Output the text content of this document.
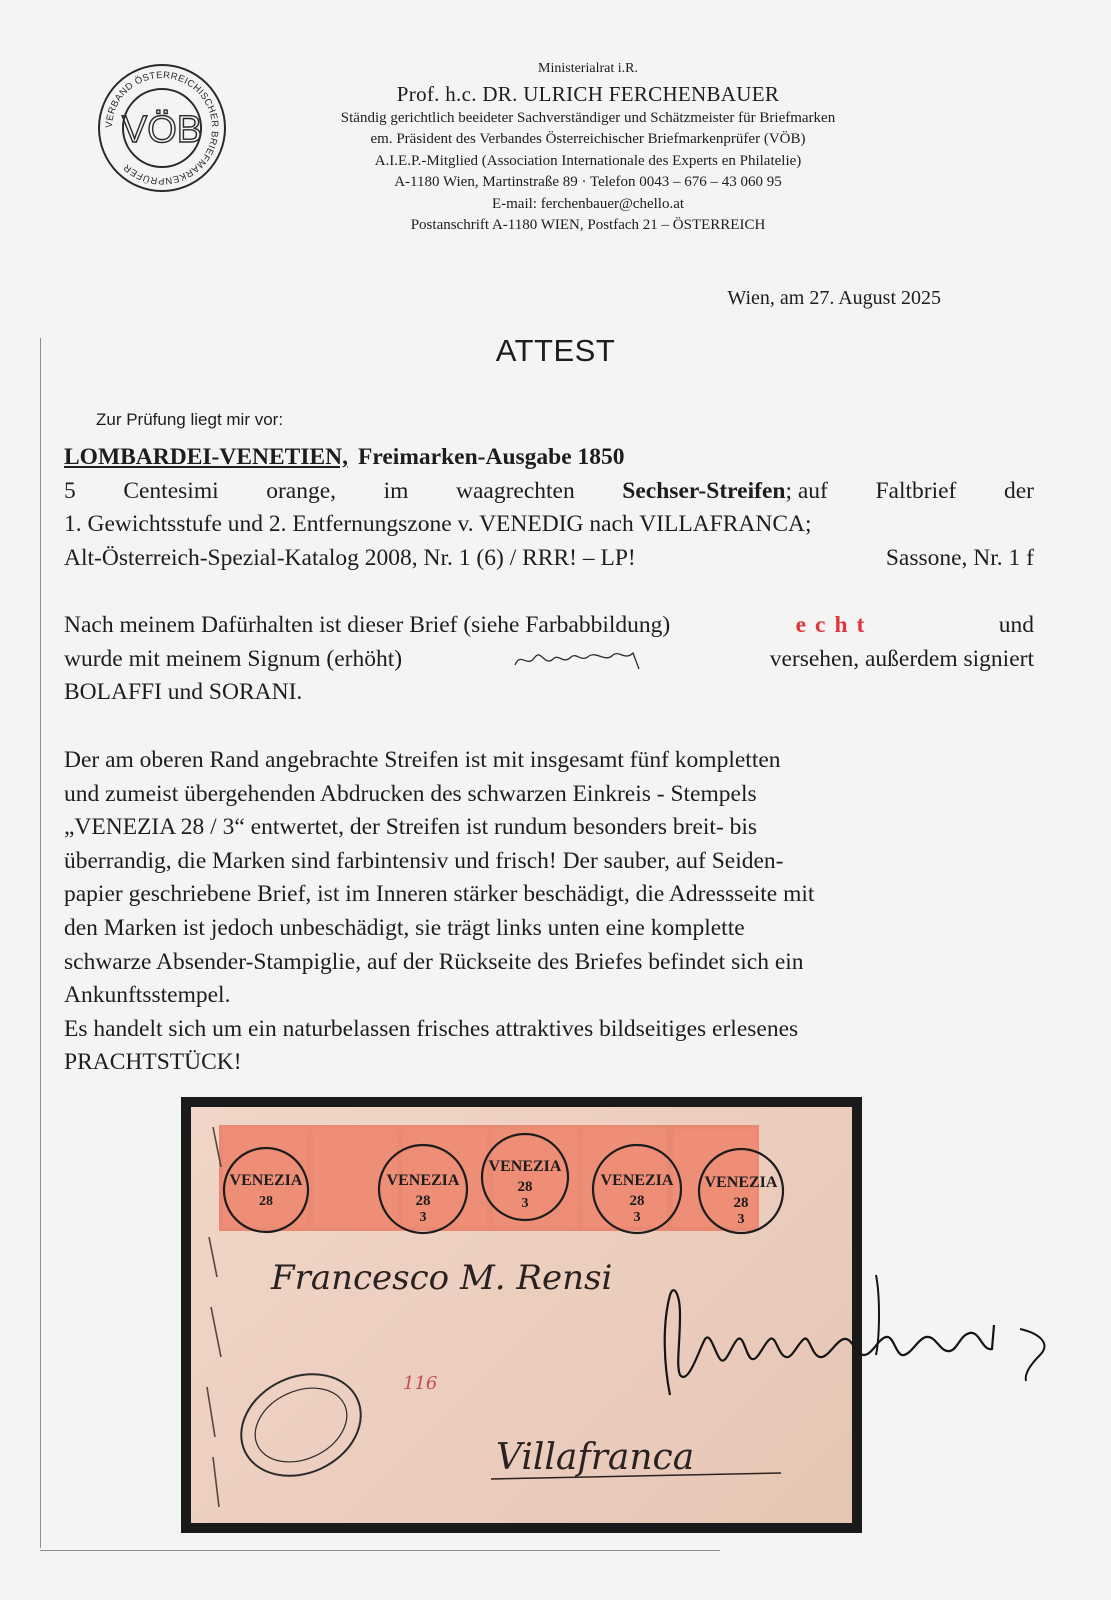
VERBAND ÖSTERREICHISCHER BRIEFMARKENPRÜFER
VÖB
Ministerialrat i.R.
Prof. h.c. DR. ULRICH FERCHENBAUER
Ständig gerichtlich beeideter Sachverständiger und Schätzmeister für Briefmarken
em. Präsident des Verbandes Österreichischer Briefmarkenprüfer (VÖB)
A.I.E.P.-Mitglied (Association Internationale des Experts en Philatelie)
A-1180 Wien, Martinstraße 89 · Telefon 0043 – 676 – 43 060 95
E-mail: ferchenbauer@chello.at
Postanschrift A-1180 WIEN, Postfach 21 – ÖSTERREICH
Wien, am 27. August 2025
ATTEST
Zur Prüfung liegt mir vor:
LOMBARDEI-VENETIEN, Freimarken-Ausgabe 1850
5 Centesimi orange, im waagrechten Sechser-Streifen; auf Faltbrief der
1. Gewichtsstufe und 2. Entfernungszone v. VENEDIG nach VILLAFRANCA;
Alt-Österreich-Spezial-Katalog 2008, Nr. 1 (6) / RRR! – LP!	Sassone, Nr. 1 f
Nach meinem Dafürhalten ist dieser Brief (siehe Farbabbildung)	echt	und
wurde mit meinem Signum (erhöht)	versehen, außerdem signiert
BOLAFFI und SORANI.
Der am oberen Rand angebrachte Streifen ist mit insgesamt fünf kompletten
und zumeist übergehenden Abdrucken des schwarzen Einkreis - Stempels
„VENEZIA 28 / 3“ entwertet, der Streifen ist rundum besonders breit- bis
überrandig, die Marken sind farbintensiv und frisch! Der sauber, auf Seiden-
papier geschriebene Brief, ist im Inneren stärker beschädigt, die Adressseite mit
den Marken ist jedoch unbeschädigt, sie trägt links unten eine komplette
schwarze Absender-Stampiglie, auf der Rückseite des Briefes befindet sich ein
Ankunftsstempel.
Es handelt sich um ein naturbelassen frisches attraktives bildseitiges erlesenes
PRACHTSTÜCK!
VENEZIA
28
VENEZIA
28
3
VENEZIA
28
3
VENEZIA
28
3
VENEZIA
28
3
Francesco M. Rensi
Villafranca
116
